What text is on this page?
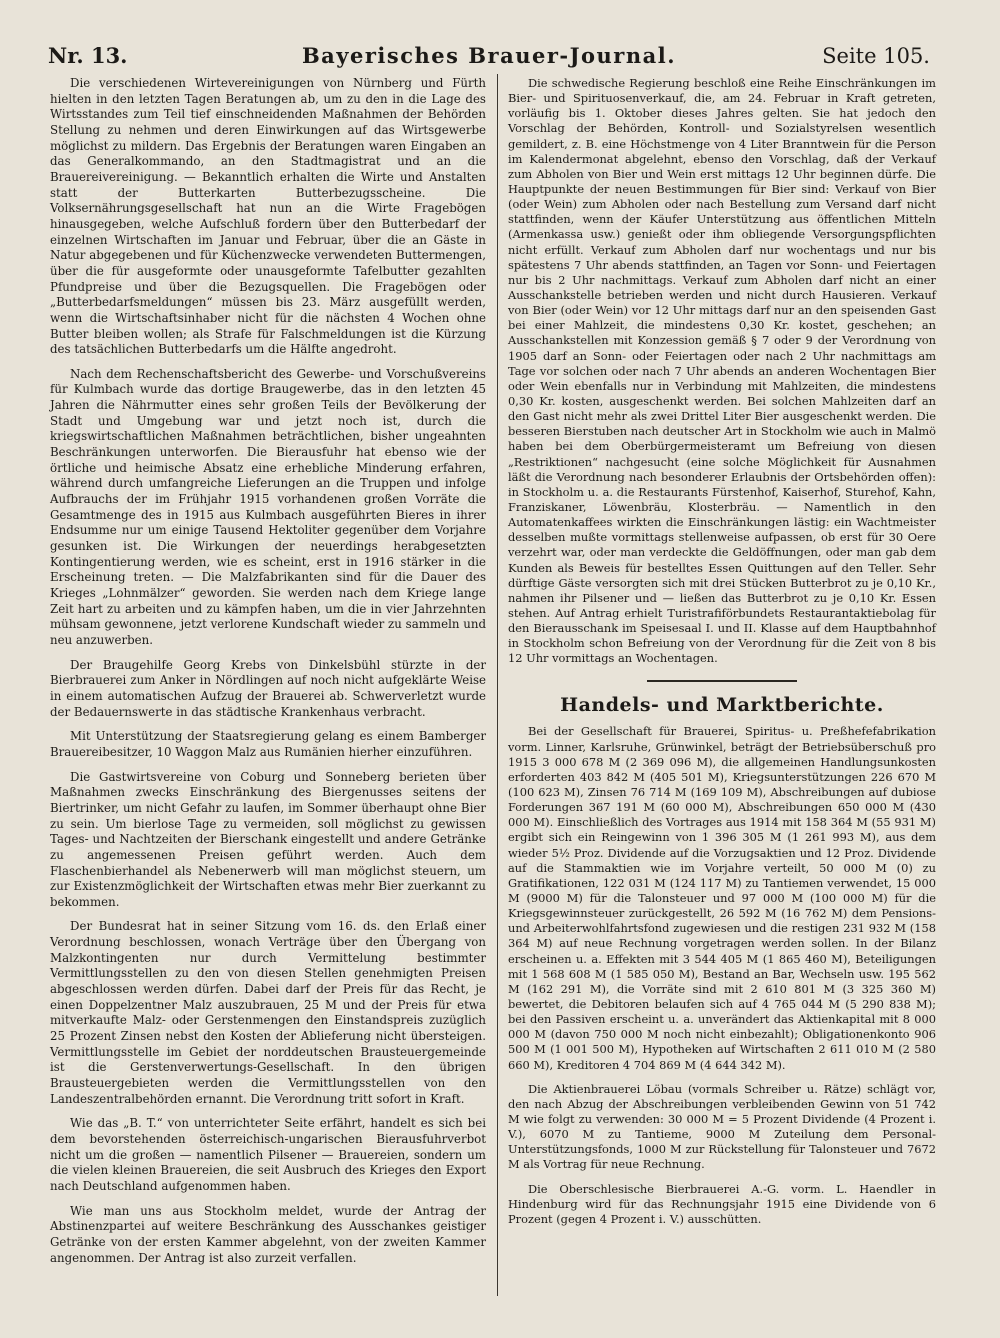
Bayerisches Brauer-Journal.
Nr. 13.	Seite 105.

Die verschiedenen Wirtevereinigungen von Nürnberg und Fürth hielten in den letzten Tagen Beratungen ab, um zu den in die Lage des Wirtsstandes zum Teil tief einschneidenden Maßnahmen der Behörden Stellung zu nehmen und deren Einwirkungen auf das Wirtsgewerbe möglichst zu mildern. Das Ergebnis der Beratungen waren Eingaben an das Generalkommando, an den Stadtmagistrat und an die Brauereivereinigung. — Bekanntlich erhalten die Wirte und Anstalten statt der Butterkarten Butterbezugsscheine. Die Volksernährungsgesellschaft hat nun an die Wirte Fragebögen hinausgegeben, welche Aufschluß fordern über den Butterbedarf der einzelnen Wirtschaften im Januar und Februar, über die an Gäste in Natur abgegebenen und für Küchenzwecke verwendeten Buttermengen, über die für ausgeformte oder unausgeformte Tafelbutter gezahlten Pfundpreise und über die Bezugsquellen. Die Fragebögen oder „Butterbedarfsmeldungen“ müssen bis 23. März ausgefüllt werden, wenn die Wirtschaftsinhaber nicht für die nächsten 4 Wochen ohne Butter bleiben wollen; als Strafe für Falschmeldungen ist die Kürzung des tatsächlichen Butterbedarfs um die Hälfte angedroht.

Nach dem Rechenschaftsbericht des Gewerbe- und Vorschußvereins für Kulmbach wurde das dortige Braugewerbe, das in den letzten 45 Jahren die Nährmutter eines sehr großen Teils der Bevölkerung der Stadt und Umgebung war und jetzt noch ist, durch die kriegswirtschaftlichen Maßnahmen beträchtlichen, bisher ungeahnten Beschränkungen unterworfen. Die Bierausfuhr hat ebenso wie der örtliche und heimische Absatz eine erhebliche Minderung erfahren, während durch umfangreiche Lieferungen an die Truppen und infolge Aufbrauchs der im Frühjahr 1915 vorhandenen großen Vorräte die Gesamtmenge des in 1915 aus Kulmbach ausgeführten Bieres in ihrer Endsumme nur um einige Tausend Hektoliter gegenüber dem Vorjahre gesunken ist. Die Wirkungen der neuerdings herabgesetzten Kontingentierung werden, wie es scheint, erst in 1916 stärker in die Erscheinung treten. — Die Malzfabrikanten sind für die Dauer des Krieges „Lohnmälzer“ geworden. Sie werden nach dem Kriege lange Zeit hart zu arbeiten und zu kämpfen haben, um die in vier Jahrzehnten mühsam gewonnene, jetzt verlorene Kundschaft wieder zu sammeln und neu anzuwerben.

Der Braugehilfe Georg Krebs von Dinkelsbühl stürzte in der Bierbrauerei zum Anker in Nördlingen auf noch nicht aufgeklärte Weise in einem automatischen Aufzug der Brauerei ab. Schwerverletzt wurde der Bedauernswerte in das städtische Krankenhaus verbracht.

Mit Unterstützung der Staatsregierung gelang es einem Bamberger Brauereibesitzer, 10 Waggon Malz aus Rumänien hierher einzuführen.

Die Gastwirtsvereine von Coburg und Sonneberg berieten über Maßnahmen zwecks Einschränkung des Biergenusses seitens der Biertrinker, um nicht Gefahr zu laufen, im Sommer überhaupt ohne Bier zu sein. Um bierlose Tage zu vermeiden, soll möglichst zu gewissen Tages- und Nachtzeiten der Bierschank eingestellt und andere Getränke zu angemessenen Preisen geführt werden. Auch dem Flaschenbierhandel als Nebenerwerb will man möglichst steuern, um zur Existenzmöglichkeit der Wirtschaften etwas mehr Bier zuerkannt zu bekommen.

Der Bundesrat hat in seiner Sitzung vom 16. ds. den Erlaß einer Verordnung beschlossen, wonach Verträge über den Übergang von Malzkontingenten nur durch Vermittelung bestimmter Vermittlungsstellen zu den von diesen Stellen genehmigten Preisen abgeschlossen werden dürfen. Dabei darf der Preis für das Recht, je einen Doppelzentner Malz auszubrauen, 25 M und der Preis für etwa mitverkaufte Malz- oder Gerstenmengen den Einstandspreis zuzüglich 25 Prozent Zinsen nebst den Kosten der Ablieferung nicht übersteigen. Vermittlungsstelle im Gebiet der norddeutschen Brausteuergemeinde ist die Gerstenverwertungs-Gesellschaft. In den übrigen Brausteuergebieten werden die Vermittlungsstellen von den Landeszentralbehörden ernannt. Die Verordnung tritt sofort in Kraft.

Wie das „B. T.“ von unterrichteter Seite erfährt, handelt es sich bei dem bevorstehenden österreichisch-ungarischen Bierausfuhrverbot nicht um die großen — namentlich Pilsener — Brauereien, sondern um die vielen kleinen Brauereien, die seit Ausbruch des Krieges den Export nach Deutschland aufgenommen haben.

Wie man uns aus Stockholm meldet, wurde der Antrag der Abstinenzpartei auf weitere Beschränkung des Ausschankes geistiger Getränke von der ersten Kammer abgelehnt, von der zweiten Kammer angenommen. Der Antrag ist also zurzeit verfallen.

Die schwedische Regierung beschloß eine Reihe Einschränkungen im Bier- und Spirituosenverkauf, die, am 24. Februar in Kraft getreten, vorläufig bis 1. Oktober dieses Jahres gelten. Sie hat jedoch den Vorschlag der Behörden, Kontroll- und Sozialstyrelsen wesentlich gemildert, z. B. eine Höchstmenge von 4 Liter Branntwein für die Person im Kalendermonat abgelehnt, ebenso den Vorschlag, daß der Verkauf zum Abholen von Bier und Wein erst mittags 12 Uhr beginnen dürfe. Die Hauptpunkte der neuen Bestimmungen für Bier sind: Verkauf von Bier (oder Wein) zum Abholen oder nach Bestellung zum Versand darf nicht stattfinden, wenn der Käufer Unterstützung aus öffentlichen Mitteln (Armenkassa usw.) genießt oder ihm obliegende Versorgungspflichten nicht erfüllt. Verkauf zum Abholen darf nur wochentags und nur bis spätestens 7 Uhr abends stattfinden, an Tagen vor Sonn- und Feiertagen nur bis 2 Uhr nachmittags. Verkauf zum Abholen darf nicht an einer Ausschankstelle betrieben werden und nicht durch Hausieren. Verkauf von Bier (oder Wein) vor 12 Uhr mittags darf nur an den speisenden Gast bei einer Mahlzeit, die mindestens 0,30 Kr. kostet, geschehen; an Ausschankstellen mit Konzession gemäß § 7 oder 9 der Verordnung von 1905 darf an Sonn- oder Feiertagen oder nach 2 Uhr nachmittags am Tage vor solchen oder nach 7 Uhr abends an anderen Wochentagen Bier oder Wein ebenfalls nur in Verbindung mit Mahlzeiten, die mindestens 0,30 Kr. kosten, ausgeschenkt werden. Bei solchen Mahlzeiten darf an den Gast nicht mehr als zwei Drittel Liter Bier ausgeschenkt werden. Die besseren Bierstuben nach deutscher Art in Stockholm wie auch in Malmö haben bei dem Oberbürgermeisteramt um Befreiung von diesen „Restriktionen“ nachgesucht (eine solche Möglichkeit für Ausnahmen läßt die Verordnung nach besonderer Erlaubnis der Ortsbehörden offen): in Stockholm u. a. die Restaurants Fürstenhof, Kaiserhof, Sturehof, Kahn, Franziskaner, Löwenbräu, Klosterbräu. — Namentlich in den Automatenkaffees wirkten die Einschränkungen lästig: ein Wachtmeister desselben mußte vormittags stellenweise aufpassen, ob erst für 30 Oere verzehrt war, oder man verdeckte die Geldöffnungen, oder man gab dem Kunden als Beweis für bestelltes Essen Quittungen auf den Teller. Sehr dürftige Gäste versorgten sich mit drei Stücken Butterbrot zu je 0,10 Kr., nahmen ihr Pilsener und — ließen das Butterbrot zu je 0,10 Kr. Essen stehen. Auf Antrag erhielt Turistrafiförbundets Restaurantaktiebolag für den Bierausschank im Speisesaal I. und II. Klasse auf dem Hauptbahnhof in Stockholm schon Befreiung von der Verordnung für die Zeit von 8 bis 12 Uhr vormittags an Wochentagen.

Handels- und Marktberichte.

Bei der Gesellschaft für Brauerei, Spiritus- u. Preßhefefabrikation vorm. Linner, Karlsruhe, Grünwinkel, beträgt der Betriebsüberschuß pro 1915 3 000 678 M (2 369 096 M), die allgemeinen Handlungsunkosten erforderten 403 842 M (405 501 M), Kriegsunterstützungen 226 670 M (100 623 M), Zinsen 76 714 M (169 109 M), Abschreibungen auf dubiose Forderungen 367 191 M (60 000 M), Abschreibungen 650 000 M (430 000 M). Einschließlich des Vortrages aus 1914 mit 158 364 M (55 931 M) ergibt sich ein Reingewinn von 1 396 305 M (1 261 993 M), aus dem wieder 5½ Proz. Dividende auf die Vorzugsaktien und 12 Proz. Dividende auf die Stammaktien wie im Vorjahre verteilt, 50 000 M (0) zu Gratifikationen, 122 031 M (124 117 M) zu Tantiemen verwendet, 15 000 M (9000 M) für die Talonsteuer und 97 000 M (100 000 M) für die Kriegsgewinnsteuer zurückgestellt, 26 592 M (16 762 M) dem Pensions- und Arbeiterwohlfahrtsfond zugewiesen und die restigen 231 932 M (158 364 M) auf neue Rechnung vorgetragen werden sollen. In der Bilanz erscheinen u. a. Effekten mit 3 544 405 M (1 865 460 M), Beteiligungen mit 1 568 608 M (1 585 050 M), Bestand an Bar, Wechseln usw. 195 562 M (162 291 M), die Vorräte sind mit 2 610 801 M (3 325 360 M) bewertet, die Debitoren belaufen sich auf 4 765 044 M (5 290 838 M); bei den Passiven erscheint u. a. unverändert das Aktienkapital mit 8 000 000 M (davon 750 000 M noch nicht einbezahlt); Obligationenkonto 906 500 M (1 001 500 M), Hypotheken auf Wirtschaften 2 611 010 M (2 580 660 M), Kreditoren 4 704 869 M (4 644 342 M).

Die Aktienbrauerei Löbau (vormals Schreiber u. Rätze) schlägt vor, den nach Abzug der Abschreibungen verbleibenden Gewinn von 51 742 M wie folgt zu verwenden: 30 000 M = 5 Prozent Dividende (4 Prozent i. V.), 6070 M zu Tantieme, 9000 M Zuteilung dem Personal-Unterstützungsfonds, 1000 M zur Rückstellung für Talonsteuer und 7672 M als Vortrag für neue Rechnung.

Die Oberschlesische Bierbrauerei A.-G. vorm. L. Haendler in Hindenburg wird für das Rechnungsjahr 1915 eine Dividende von 6 Prozent (gegen 4 Prozent i. V.) ausschütten.
